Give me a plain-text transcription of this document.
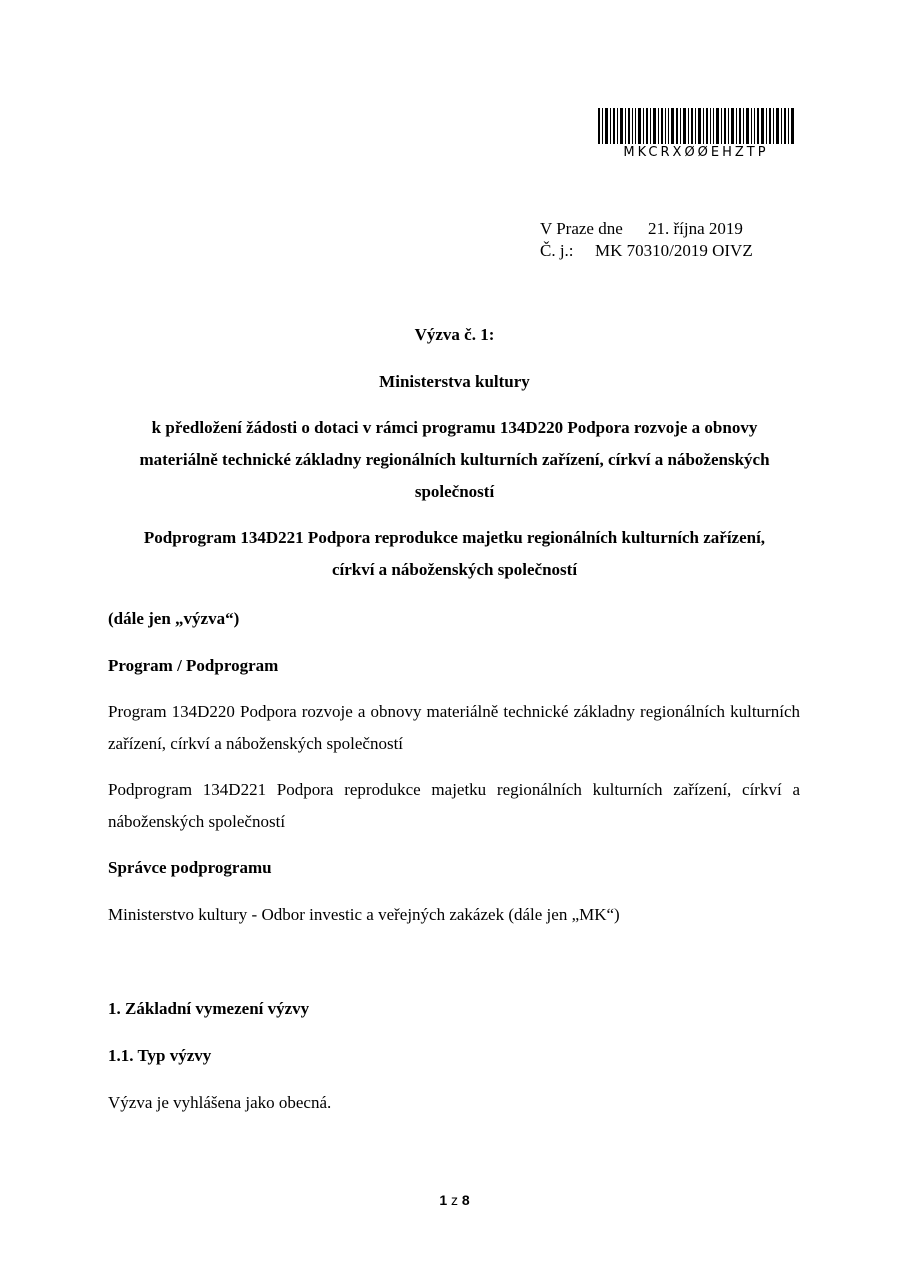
MKCRXØØEHZTP
V Praze dne 21. října 2019
Č. j.: MK 70310/2019 OIVZ
Výzva č. 1:
Ministerstva kultury
k předložení žádosti o dotaci v rámci programu 134D220 Podpora rozvoje a obnovy
materiálně technické základny regionálních kulturních zařízení, církví a náboženských
společností
Podprogram 134D221 Podpora reprodukce majetku regionálních kulturních zařízení,
církví a náboženských společností
(dále jen „výzva“)
Program / Podprogram
Program 134D220 Podpora rozvoje a obnovy materiálně technické základny regionálních kulturních zařízení, církví a náboženských společností
Podprogram 134D221 Podpora reprodukce majetku regionálních kulturních zařízení, církví a náboženských společností
Správce podprogramu
Ministerstvo kultury - Odbor investic a veřejných zakázek (dále jen „MK“)
1. Základní vymezení výzvy
1.1. Typ výzvy
Výzva je vyhlášena jako obecná.
1 z 8
